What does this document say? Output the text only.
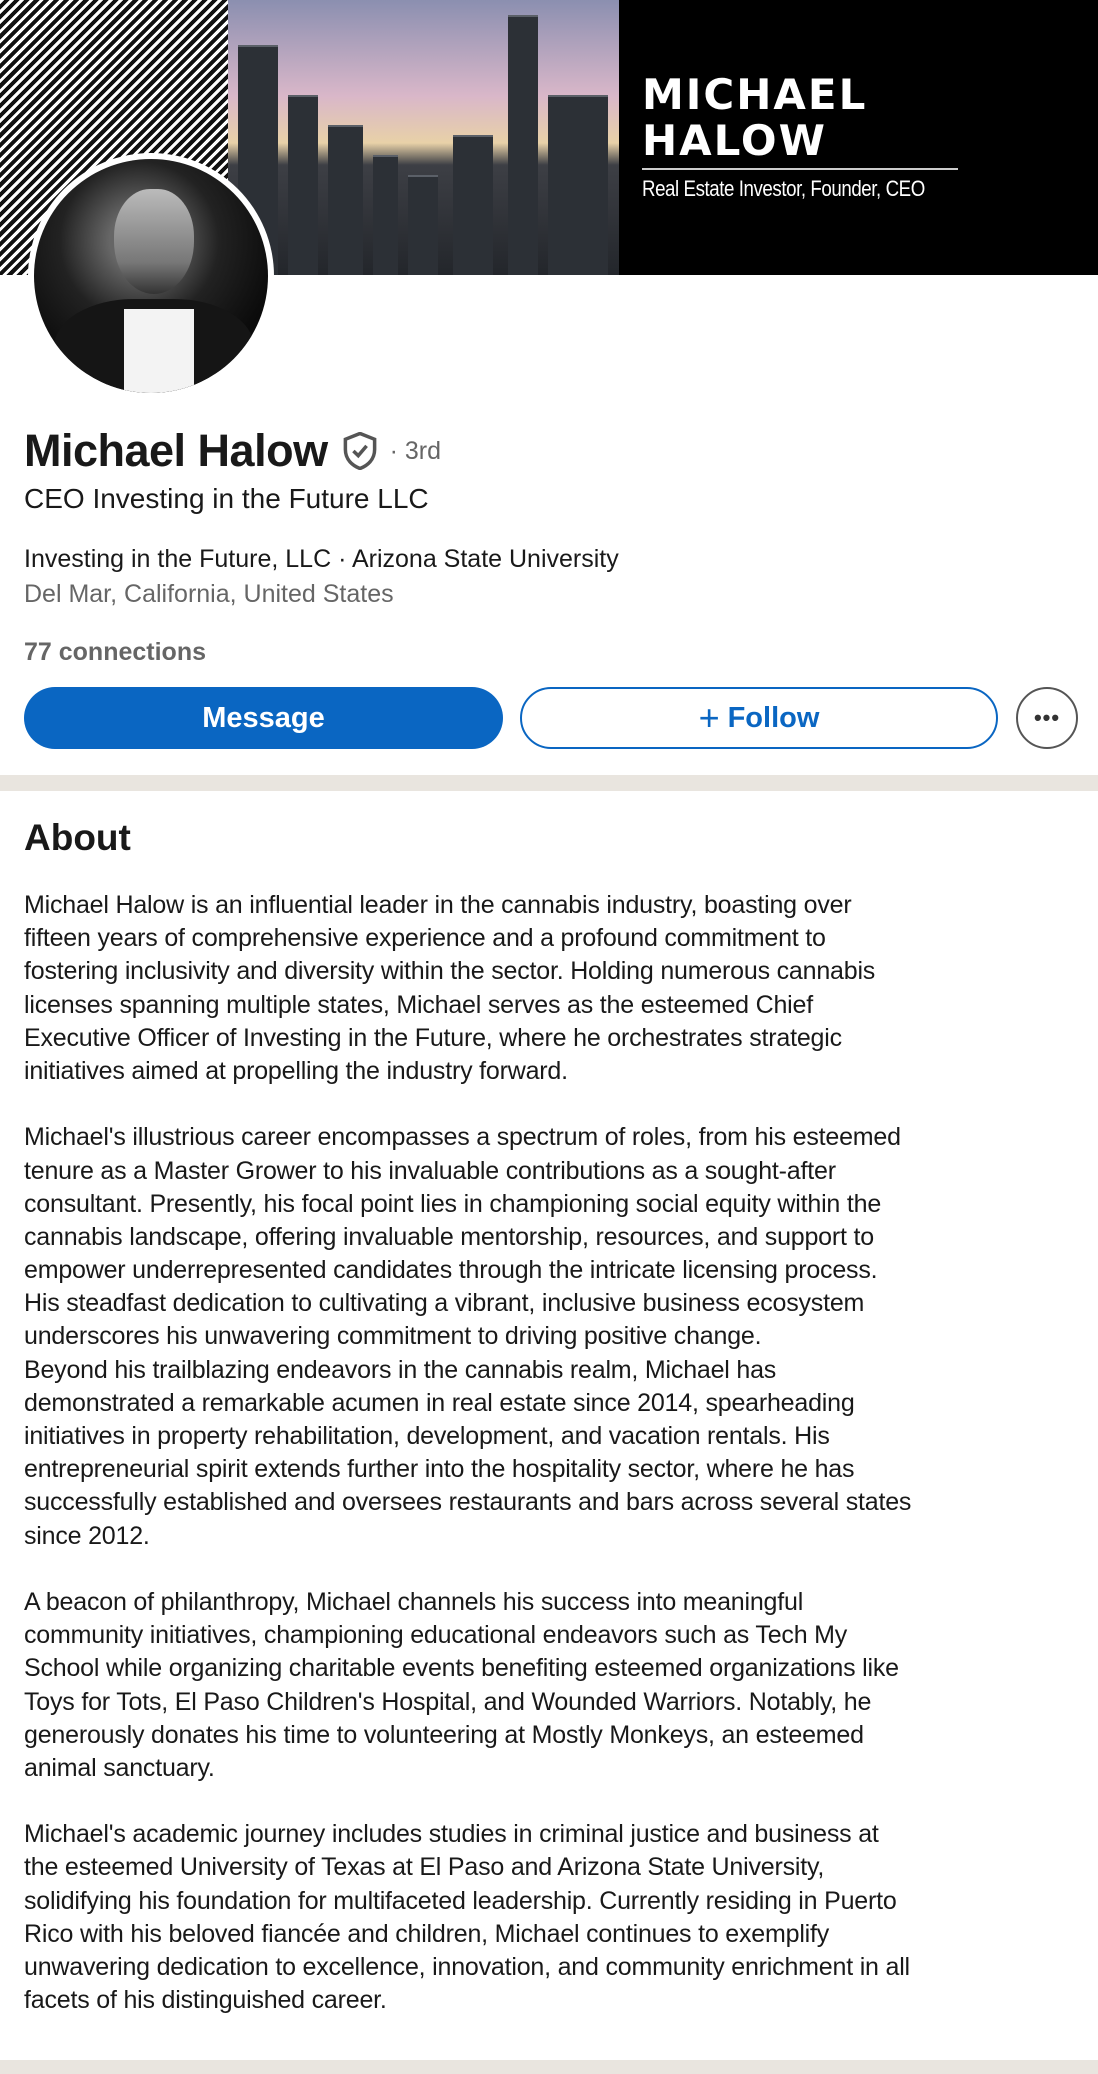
MICHAEL
HALOW
Real Estate Investor, Founder, CEO
Michael Halow · 3rd
CEO Investing in the Future LLC
Investing in the Future, LLC · Arizona State University
Del Mar, California, United States
77 connections
Message	+ Follow	•••
About
Michael Halow is an influential leader in the cannabis industry, boasting over
fifteen years of comprehensive experience and a profound commitment to
fostering inclusivity and diversity within the sector. Holding numerous cannabis
licenses spanning multiple states, Michael serves as the esteemed Chief
Executive Officer of Investing in the Future, where he orchestrates strategic
initiatives aimed at propelling the industry forward.
Michael's illustrious career encompasses a spectrum of roles, from his esteemed
tenure as a Master Grower to his invaluable contributions as a sought-after
consultant. Presently, his focal point lies in championing social equity within the
cannabis landscape, offering invaluable mentorship, resources, and support to
empower underrepresented candidates through the intricate licensing process.
His steadfast dedication to cultivating a vibrant, inclusive business ecosystem
underscores his unwavering commitment to driving positive change.
Beyond his trailblazing endeavors in the cannabis realm, Michael has
demonstrated a remarkable acumen in real estate since 2014, spearheading
initiatives in property rehabilitation, development, and vacation rentals. His
entrepreneurial spirit extends further into the hospitality sector, where he has
successfully established and oversees restaurants and bars across several states
since 2012.
A beacon of philanthropy, Michael channels his success into meaningful
community initiatives, championing educational endeavors such as Tech My
School while organizing charitable events benefiting esteemed organizations like
Toys for Tots, El Paso Children's Hospital, and Wounded Warriors. Notably, he
generously donates his time to volunteering at Mostly Monkeys, an esteemed
animal sanctuary.
Michael's academic journey includes studies in criminal justice and business at
the esteemed University of Texas at El Paso and Arizona State University,
solidifying his foundation for multifaceted leadership. Currently residing in Puerto
Rico with his beloved fiancée and children, Michael continues to exemplify
unwavering dedication to excellence, innovation, and community enrichment in all
facets of his distinguished career.
